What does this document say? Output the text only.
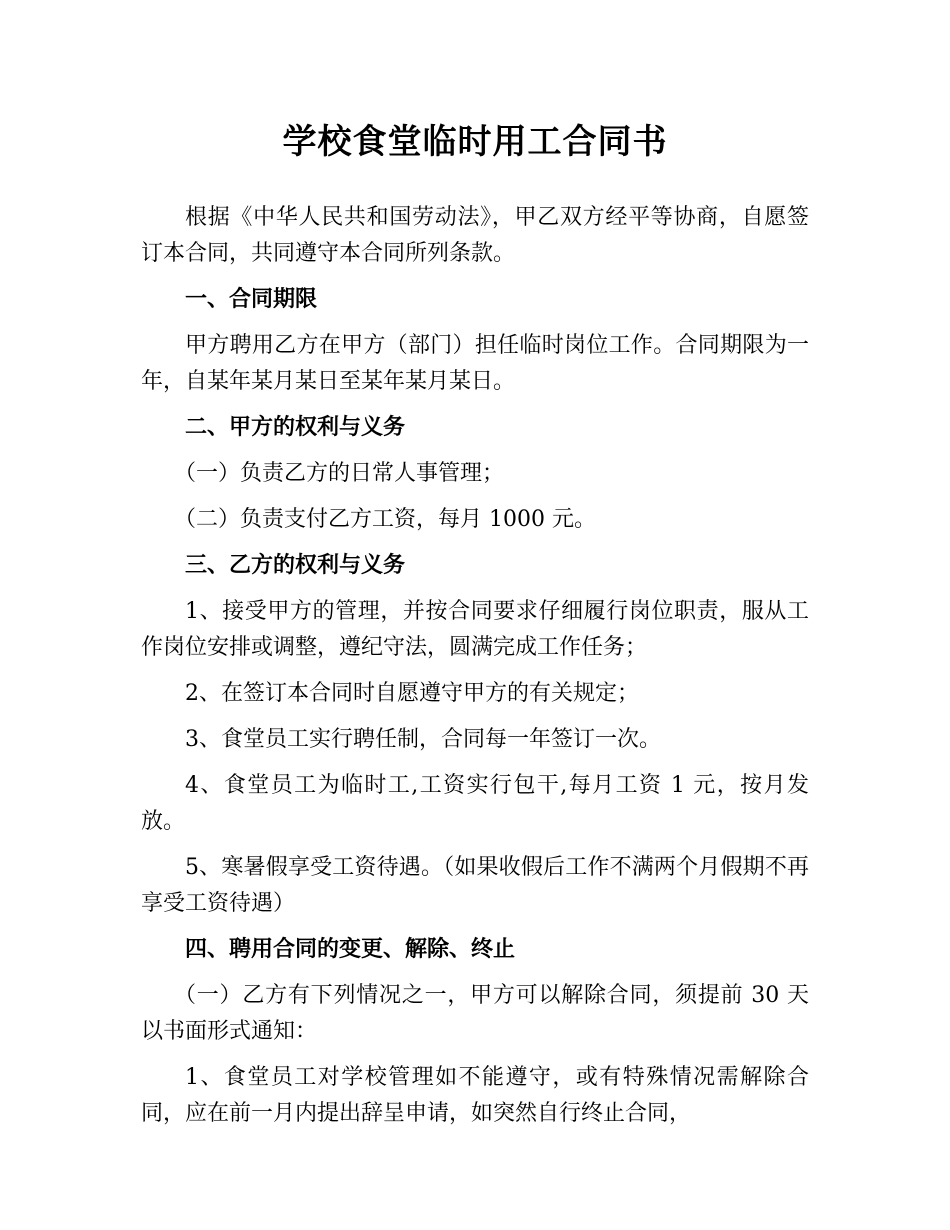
学校食堂临时用工合同书

根据《中华人民共和国劳动法》，甲乙双方经平等协商，自愿签订本合同，共同遵守本合同所列条款。

一、合同期限

甲方聘用乙方在甲方（部门）担任临时岗位工作。合同期限为一年，自某年某月某日至某年某月某日。

二、甲方的权利与义务

（一）负责乙方的日常人事管理；

（二）负责支付乙方工资，每月 1000 元。

三、乙方的权利与义务

1、接受甲方的管理，并按合同要求仔细履行岗位职责，服从工作岗位安排或调整，遵纪守法，圆满完成工作任务；

2、在签订本合同时自愿遵守甲方的有关规定；

3、食堂员工实行聘任制，合同每一年签订一次。

4、食堂员工为临时工,工资实行包干,每月工资 1 元，按月发放。

5、寒暑假享受工资待遇。（如果收假后工作不满两个月假期不再享受工资待遇）

四、聘用合同的变更、解除、终止

（一）乙方有下列情况之一，甲方可以解除合同，须提前 30 天以书面形式通知：

1、食堂员工对学校管理如不能遵守，或有特殊情况需解除合同，应在前一月内提出辞呈申请，如突然自行终止合同，
